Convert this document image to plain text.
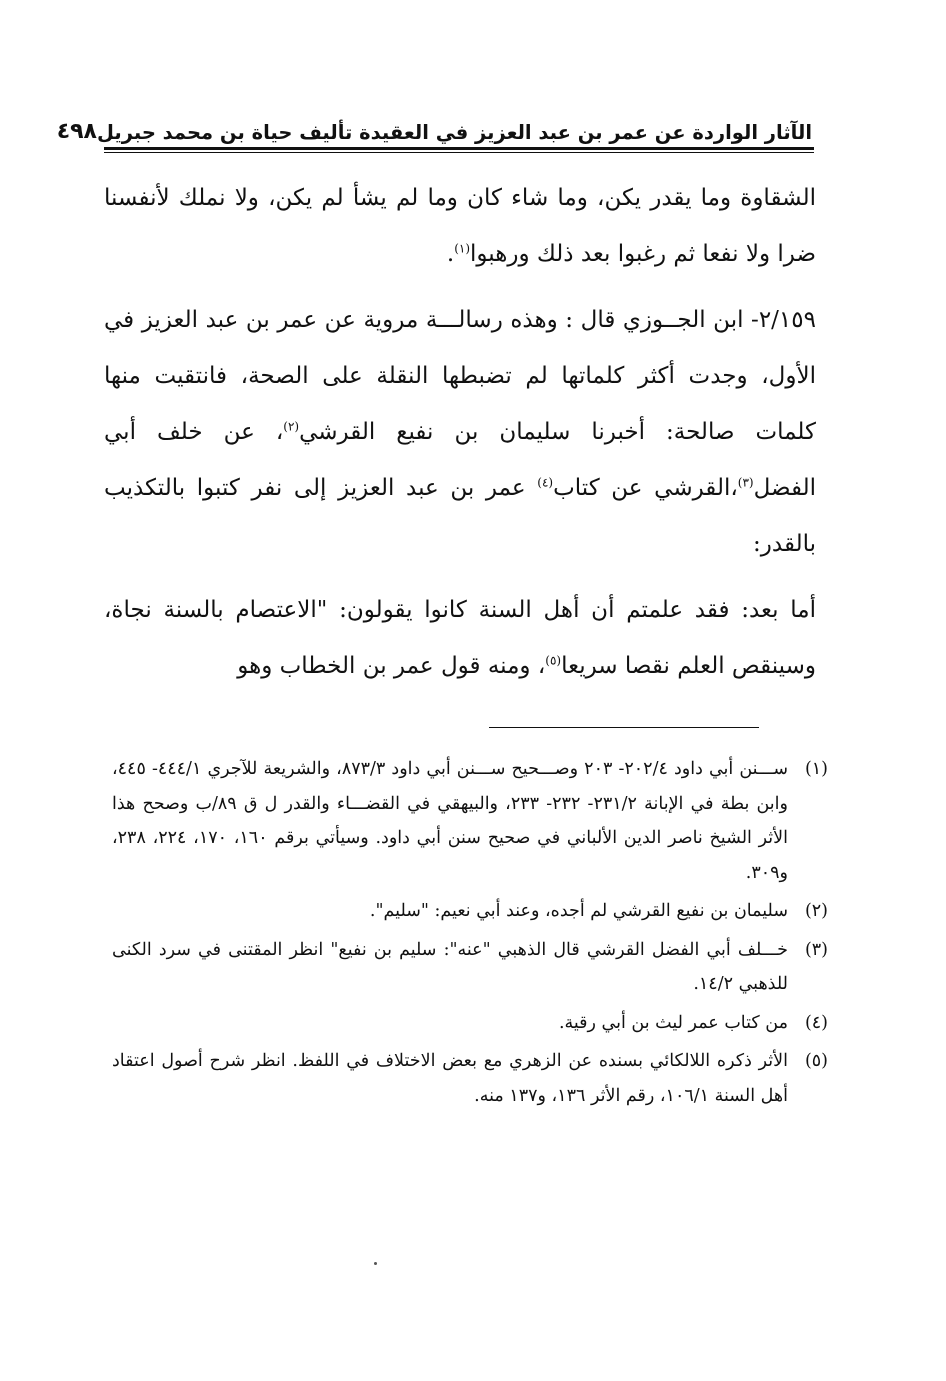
الآثار الواردة عن عمر بن عبد العزيز في العقيدة تأليف حياة بن محمد جبريل
٤٩٨

الشقاوة وما يقدر يكن، وما شاء كان وما لم يشأ لم يكن، ولا نملك لأنفسنا ضرا ولا نفعا ثم رغبوا بعد ذلك ورهبوا$^{(١)}$.

٢/١٥٩- ابن الجــوزي قال : وهذه رسالـــة مروية عن عمر بن عبد العزيز في الأول، وجدت أكثر كلماتها لم تضبطها النقلة على الصحة، فانتقيت منها كلمات صالحة: أخبرنا سليمان بن نفيع القرشي$^{(٢)}$، عن خلف أبي الفضل$^{(٣)}$،القرشي عن كتاب$^{(٤)}$ عمر بن عبد العزيز إلى نفر كتبوا بالتكذيب بالقدر:

أما بعد: فقد علمتم أن أهل السنة كانوا يقولون: "الاعتصام بالسنة نجاة، وسينقص العلم نقصا سريعا$^{(٥)}$، ومنه قول عمر بن الخطاب وهو

(١)
ســـنن أبي داود ٢٠٢/٤- ٢٠٣ وصـــحيح ســـنن أبي داود ٨٧٣/٣، والشريعة للآجري ٤٤٤/١- ٤٤٥، وابن بطة في الإبانة ٢٣١/٢- ٢٣٢- ٢٣٣، والبيهقي في القضـــاء والقدر ل ق ٨٩/ب وصحح هذا الأثر الشيخ ناصر الدين الألباني في صحيح سنن أبي داود. وسيأتي برقم ١٦٠، ١٧٠، ٢٢٤، ٢٣٨، و٣٠٩.
(٢)
سليمان بن نفيع القرشي لم أجده، وعند أبي نعيم: "سليم".
(٣)
خـــلف أبي الفضل القرشي قال الذهبي "عنه": سليم بن نفيع" انظر المقتنى في سرد الكنى للذهبي ١٤/٢.
(٤)
من كتاب عمر ليث بن أبي رقية.
(٥)
الأثر ذكره اللالكائي بسنده عن الزهري مع بعض الاختلاف في اللفظ. انظر شرح أصول اعتقاد أهل السنة ١٠٦/١، رقم الأثر ١٣٦، و١٣٧ منه.
